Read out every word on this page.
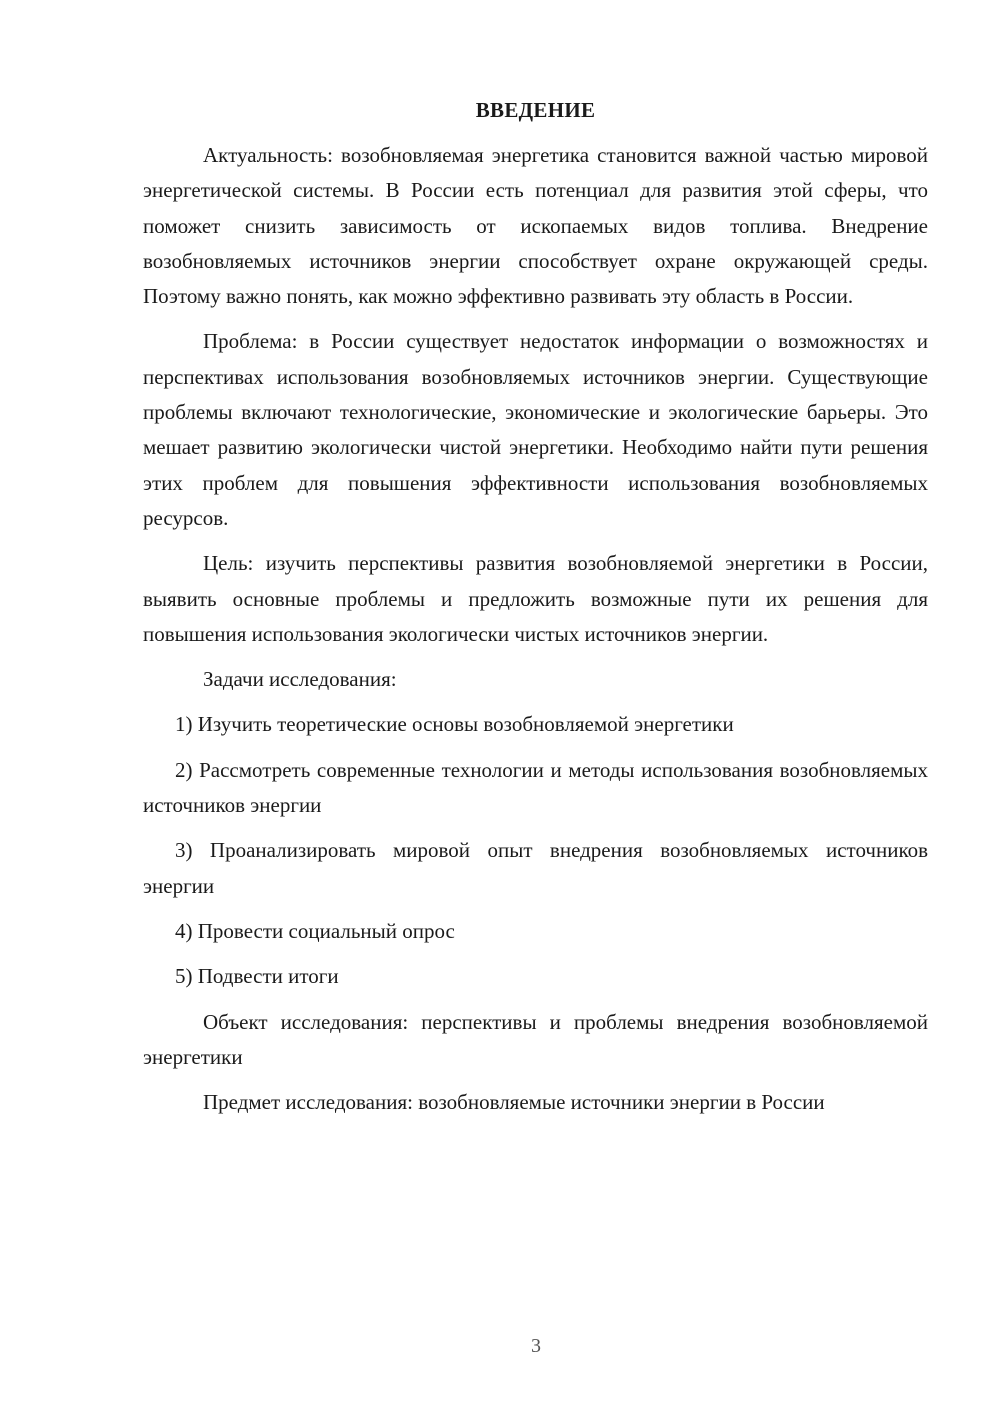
ВВЕДЕНИЕ

Актуальность: возобновляемая энергетика становится важной частью мировой энергетической системы. В России есть потенциал для развития этой сферы, что поможет снизить зависимость от ископаемых видов топлива. Внедрение возобновляемых источников энергии способствует охране окружающей среды. Поэтому важно понять, как можно эффективно развивать эту область в России.

Проблема: в России существует недостаток информации о возможностях и перспективах использования возобновляемых источников энергии. Существующие проблемы включают технологические, экономические и экологические барьеры. Это мешает развитию экологически чистой энергетики. Необходимо найти пути решения этих проблем для повышения эффективности использования возобновляемых ресурсов.

Цель: изучить перспективы развития возобновляемой энергетики в России, выявить основные проблемы и предложить возможные пути их решения для повышения использования экологически чистых источников энергии.

Задачи исследования:

1) Изучить теоретические основы возобновляемой энергетики

2) Рассмотреть современные технологии и методы использования возобновляемых источников энергии

3) Проанализировать мировой опыт внедрения возобновляемых источников энергии

4) Провести социальный опрос

5) Подвести итоги

Объект исследования: перспективы и проблемы внедрения возобновляемой энергетики

Предмет исследования: возобновляемые источники энергии в России

3
